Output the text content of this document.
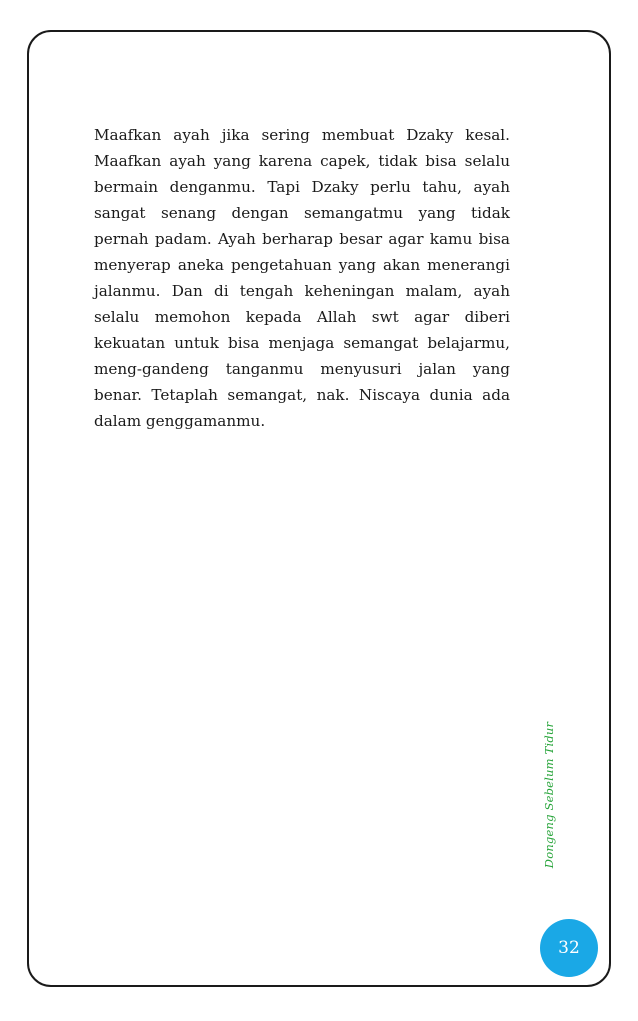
Maafkan ayah jika sering membuat Dzaky kesal. Maafkan ayah yang karena capek, tidak bisa selalu bermain denganmu. Tapi Dzaky perlu tahu, ayah sangat senang dengan semangatmu yang tidak pernah padam. Ayah berharap besar agar kamu bisa menyerap aneka pengetahuan yang akan menerangi jalanmu. Dan di tengah keheningan malam, ayah selalu memohon kepada Allah swt agar diberi kekuatan untuk bisa menjaga semangat belajarmu, meng-gandeng tanganmu menyusuri jalan yang benar. Tetaplah semangat, nak. Niscaya dunia ada dalam genggamanmu.

Dongeng Sebelum Tidur
32
